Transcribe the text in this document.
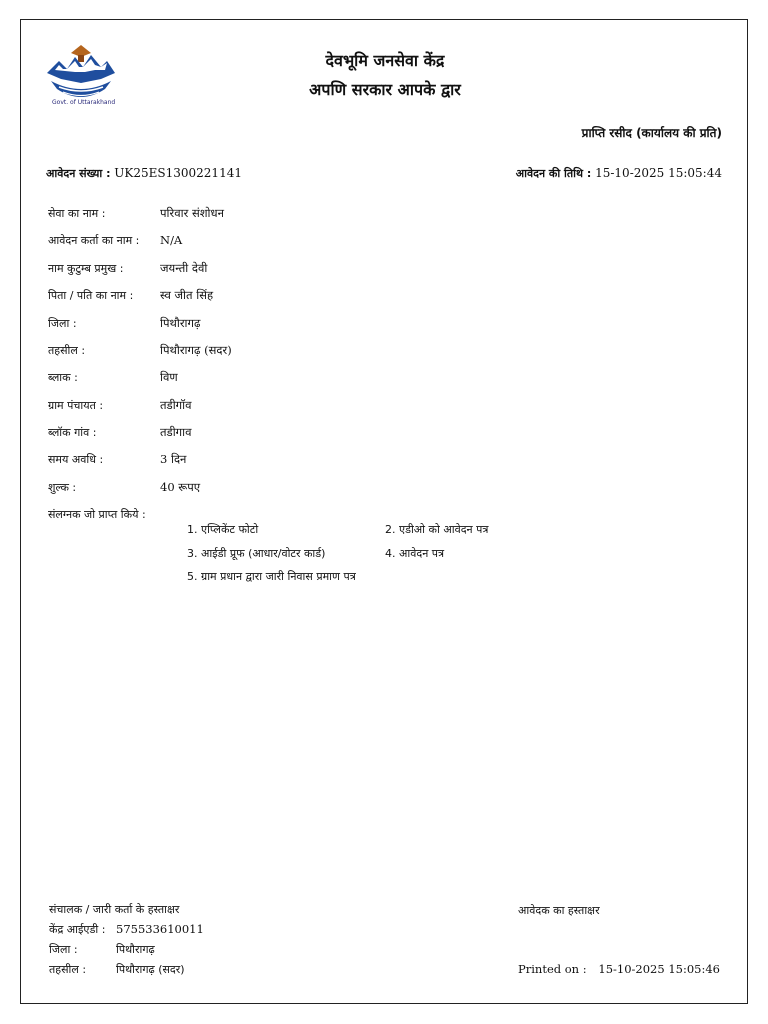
Govt. of Uttarakhand
देवभूमि जनसेवा केंद्र
अपणि सरकार आपके द्वार
प्राप्ति रसीद (कार्यालय की प्रति)
आवेदन संख्या : UK25ES1300221141	आवेदन की तिथि : 15-10-2025 15:05:44
सेवा का नाम :	परिवार संशोधन
आवेदन कर्ता का नाम : N/A
नाम कुटुम्ब प्रमुख :	जयन्ती देवी
पिता / पति का नाम : स्व जीत सिंह
जिला :	पिथौरागढ़
तहसील :	पिथौरागढ़ (सदर)
ब्लाक :	विण
ग्राम पंचायत :	तडीगॉव
ब्लॉक गांव :	तडीगाव
समय अवधि :	3 दिन
शुल्क :	40 रूपए
संलग्नक जो प्राप्त किये :
1. एप्लिकेंट फोटो	2. एडीओ को आवेदन पत्र
3. आईडी प्रूफ (आधार/वोटर कार्ड)	4. आवेदन पत्र
5. ग्राम प्रधान द्वारा जारी निवास प्रमाण पत्र
संचालक / जारी कर्ता के हस्ताक्षर
केंद्र आईएडी : 575533610011
जिला :	पिथौरागढ़
तहसील :	पिथौरागढ़ (सदर)
आवेदक का हस्ताक्षर
Printed on : 15-10-2025 15:05:46
